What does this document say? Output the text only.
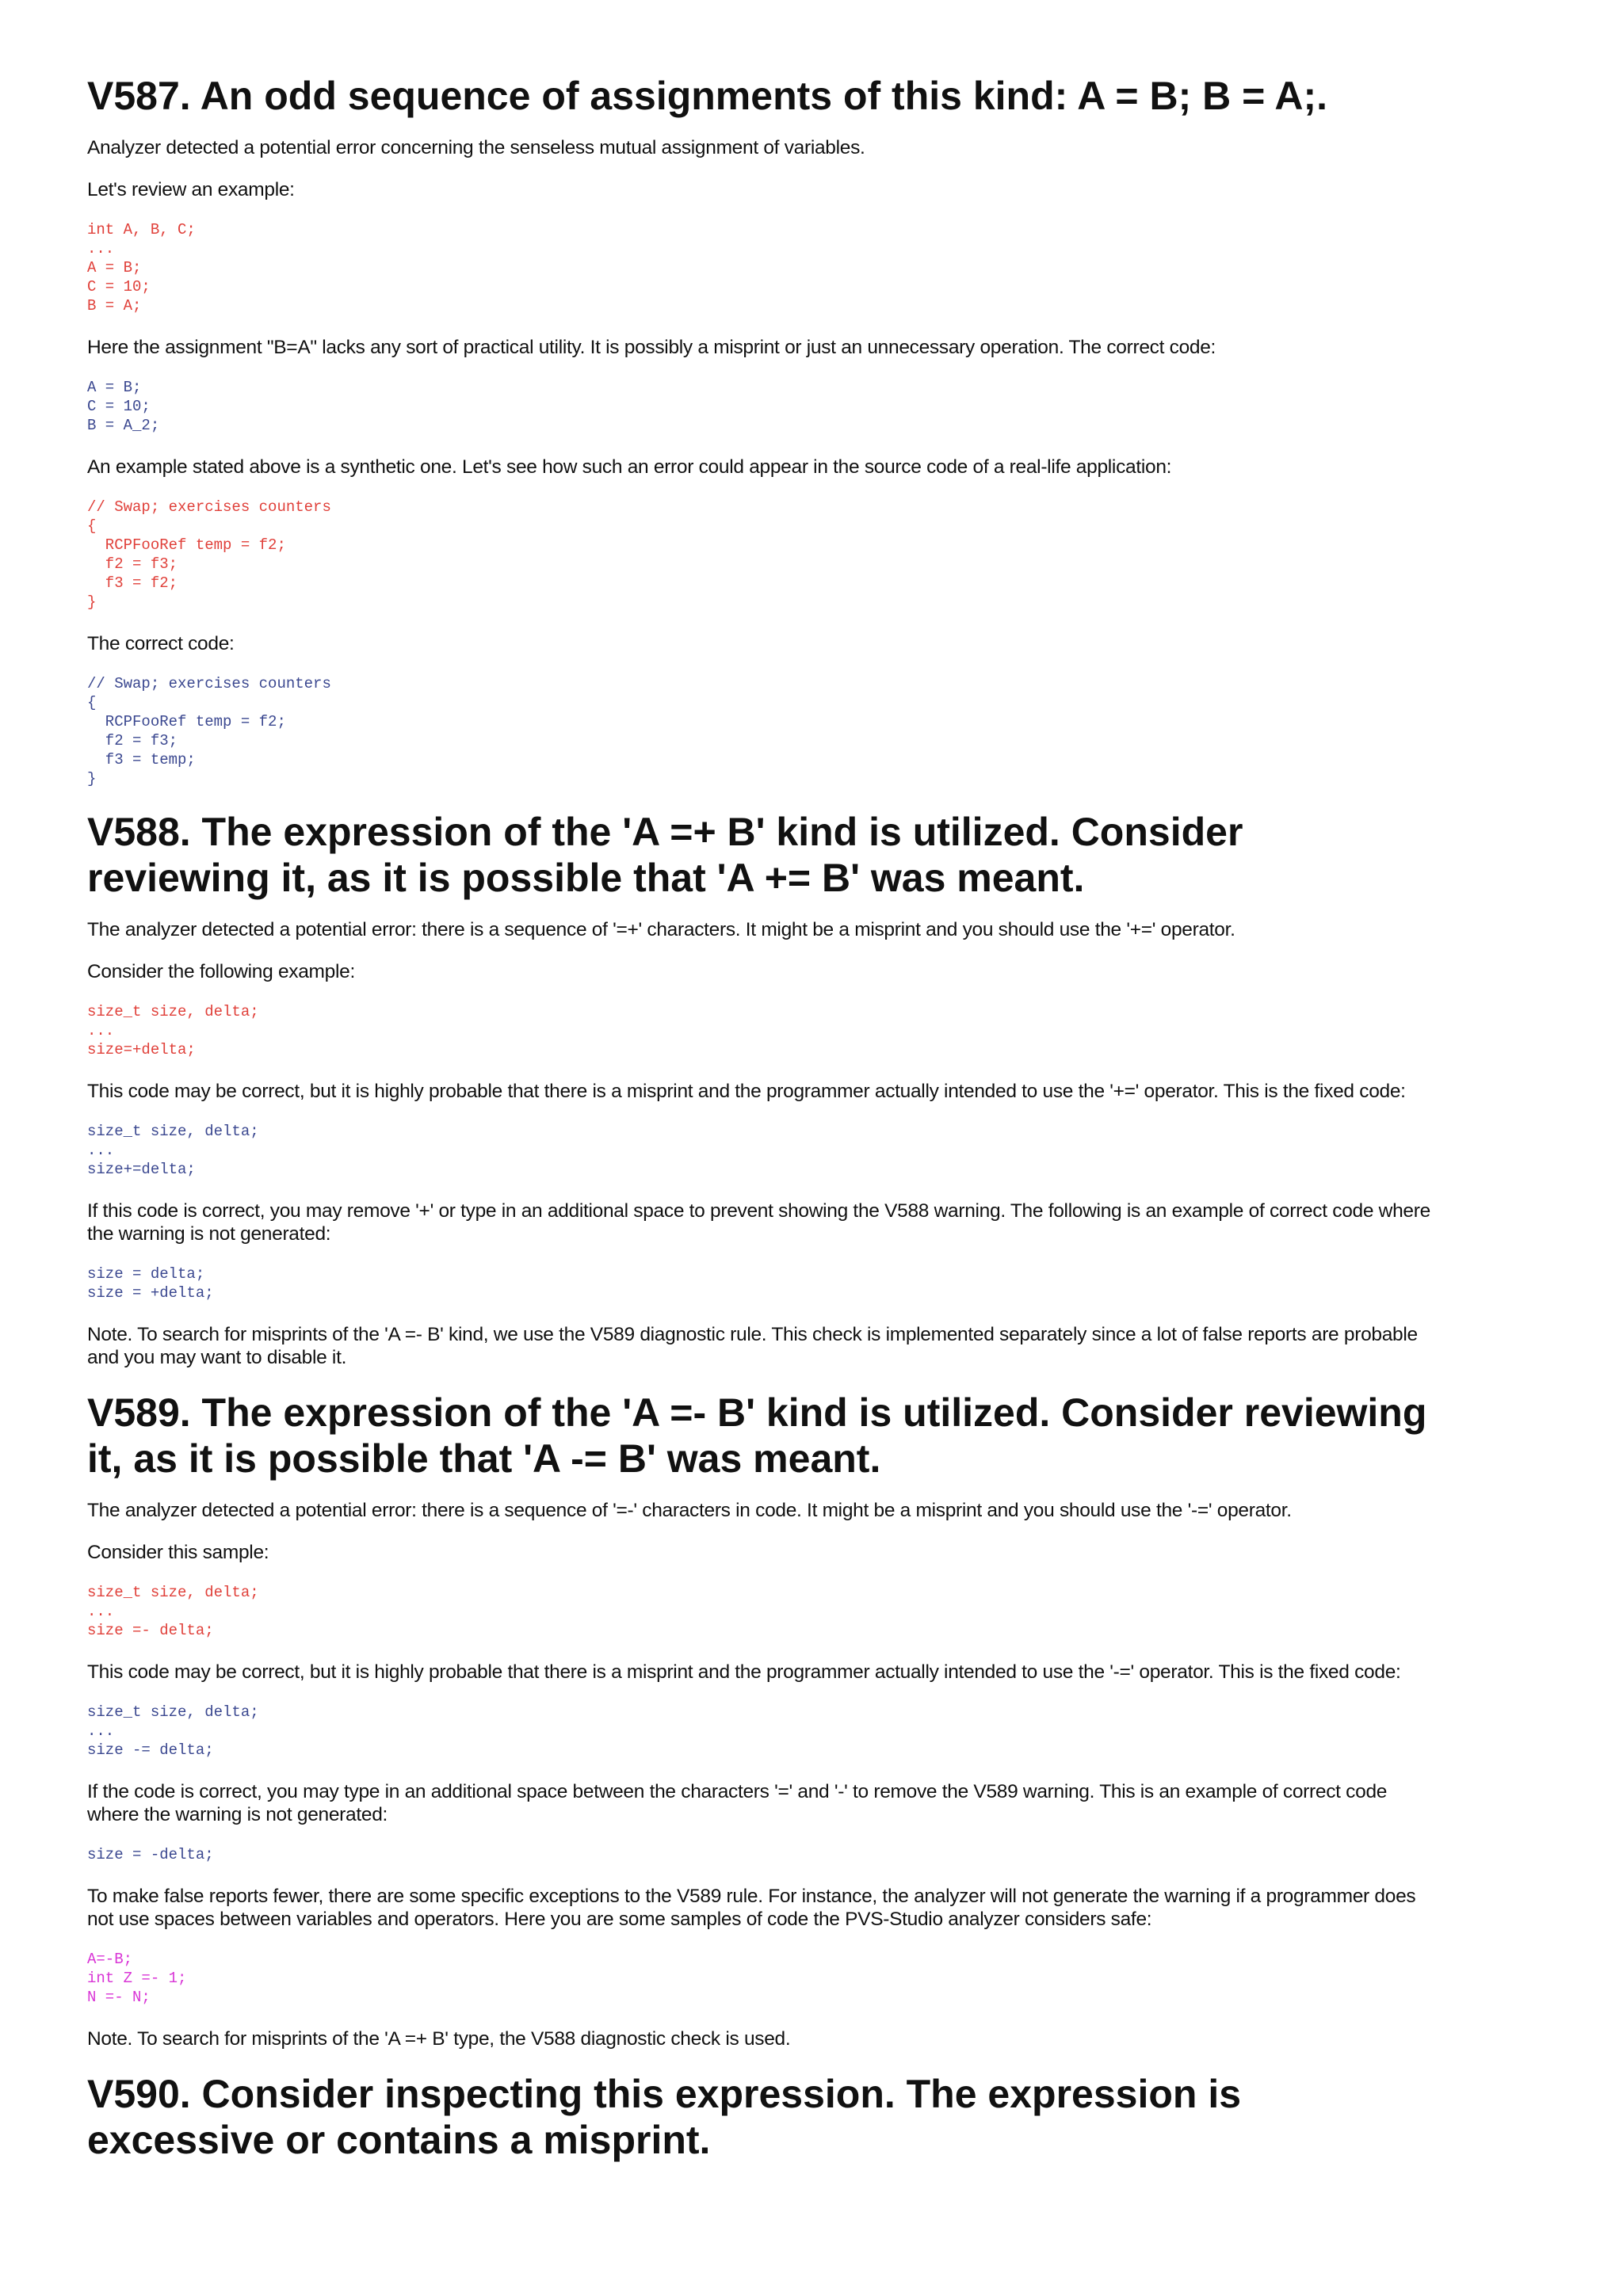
V587. An odd sequence of assignments of this kind: A = B; B = A;.

Analyzer detected a potential error concerning the senseless mutual assignment of variables.

Let's review an example:

int A, B, C;
...
A = B;
C = 10;
B = A;

Here the assignment "B=A" lacks any sort of practical utility. It is possibly a misprint or just an unnecessary operation. The correct code:

A = B;
C = 10;
B = A_2;

An example stated above is a synthetic one. Let's see how such an error could appear in the source code of a real-life application:

// Swap; exercises counters
{
RCPFooRef temp = f2;
f2 = f3;
f3 = f2;
}

The correct code:

// Swap; exercises counters
{
RCPFooRef temp = f2;
f2 = f3;
f3 = temp;
}
V588. The expression of the 'A =+ B' kind is utilized. Consider reviewing it, as it is possible that 'A += B' was meant.

The analyzer detected a potential error: there is a sequence of '=+' characters. It might be a misprint and you should use the '+=' operator.

Consider the following example:

size_t size, delta;
...
size=+delta;

This code may be correct, but it is highly probable that there is a misprint and the programmer actually intended to use the '+=' operator. This is the fixed code:

size_t size, delta;
...
size+=delta;

If this code is correct, you may remove '+' or type in an additional space to prevent showing the V588 warning. The following is an example of correct code where the warning is not generated:

size = delta;
size = +delta;

Note. To search for misprints of the 'A =- B' kind, we use the V589 diagnostic rule. This check is implemented separately since a lot of false reports are probable and you may want to disable it.

V589. The expression of the 'A =- B' kind is utilized. Consider reviewing it, as it is possible that 'A -= B' was meant.

The analyzer detected a potential error: there is a sequence of '=-' characters in code. It might be a misprint and you should use the '-=' operator.

Consider this sample:

size_t size, delta;
...
size =- delta;

This code may be correct, but it is highly probable that there is a misprint and the programmer actually intended to use the '-=' operator. This is the fixed code:

size_t size, delta;
...
size -= delta;

If the code is correct, you may type in an additional space between the characters '=' and '-' to remove the V589 warning. This is an example of correct code where the warning is not generated:

size = -delta;

To make false reports fewer, there are some specific exceptions to the V589 rule. For instance, the analyzer will not generate the warning if a programmer does not use spaces between variables and operators. Here you are some samples of code the PVS-Studio analyzer considers safe:

A=-B;
int Z =- 1;
N =- N;

Note. To search for misprints of the 'A =+ B' type, the V588 diagnostic check is used.

V590. Consider inspecting this expression. The expression is excessive or contains a misprint.
